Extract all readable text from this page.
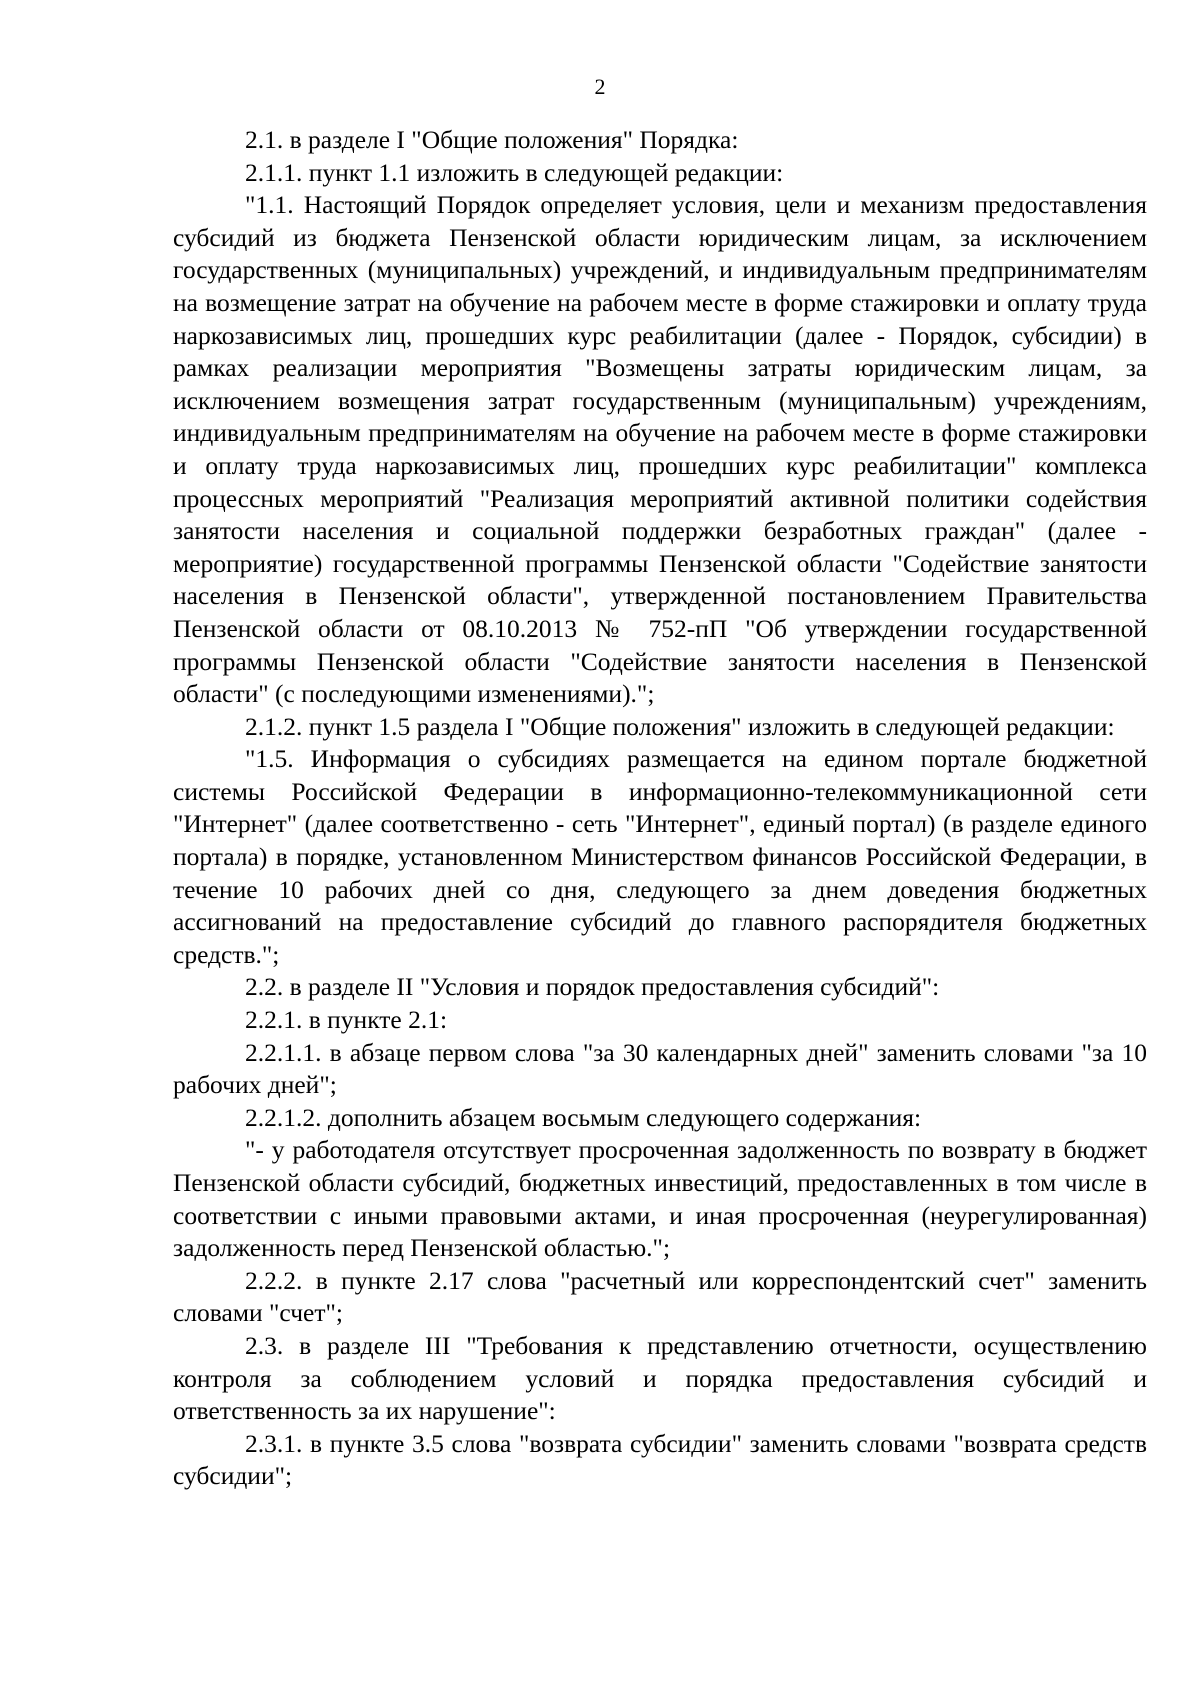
2

2.1. в разделе I "Общие положения" Порядка:

2.1.1. пункт 1.1 изложить в следующей редакции:

"1.1. Настоящий Порядок определяет условия, цели и механизм предоставления субсидий из бюджета Пензенской области юридическим лицам, за исключением государственных (муниципальных) учреждений, и индивидуальным предпринимателям на возмещение затрат на обучение на рабочем месте в форме стажировки и оплату труда наркозависимых лиц, прошедших курс реабилитации (далее - Порядок, субсидии) в рамках реализации мероприятия "Возмещены затраты юридическим лицам, за исключением возмещения затрат государственным (муниципальным) учреждениям, индивидуальным предпринимателям на обучение на рабочем месте в форме стажировки и оплату труда наркозависимых лиц, прошедших курс реабилитации" комплекса процессных мероприятий "Реализация мероприятий активной политики содействия занятости населения и социальной поддержки безработных граждан" (далее - мероприятие) государственной программы Пензенской области "Содействие занятости населения в Пензенской области", утвержденной постановлением Правительства Пензенской области от 08.10.2013 № 752-пП "Об утверждении государственной программы Пензенской области "Содействие занятости населения в Пензенской области" (с последующими изменениями).";

2.1.2. пункт 1.5 раздела I "Общие положения" изложить в следующей редакции:

"1.5. Информация о субсидиях размещается на едином портале бюджетной системы Российской Федерации в информационно-телекоммуникационной сети "Интернет" (далее соответственно - сеть "Интернет", единый портал) (в разделе единого портала) в порядке, установленном Министерством финансов Российской Федерации, в течение 10 рабочих дней со дня, следующего за днем доведения бюджетных ассигнований на предоставление субсидий до главного распорядителя бюджетных средств.";

2.2. в разделе II "Условия и порядок предоставления субсидий":

2.2.1. в пункте 2.1:

2.2.1.1. в абзаце первом слова "за 30 календарных дней" заменить словами "за 10 рабочих дней";

2.2.1.2. дополнить абзацем восьмым следующего содержания:

"- у работодателя отсутствует просроченная задолженность по возврату в бюджет Пензенской области субсидий, бюджетных инвестиций, предоставленных в том числе в соответствии с иными правовыми актами, и иная просроченная (неурегулированная) задолженность перед Пензенской областью.";

2.2.2. в пункте 2.17 слова "расчетный или корреспондентский счет" заменить словами "счет";

2.3. в разделе III "Требования к представлению отчетности, осуществлению контроля за соблюдением условий и порядка предоставления субсидий и ответственность за их нарушение":

2.3.1. в пункте 3.5 слова "возврата субсидии" заменить словами "возврата средств субсидии";
